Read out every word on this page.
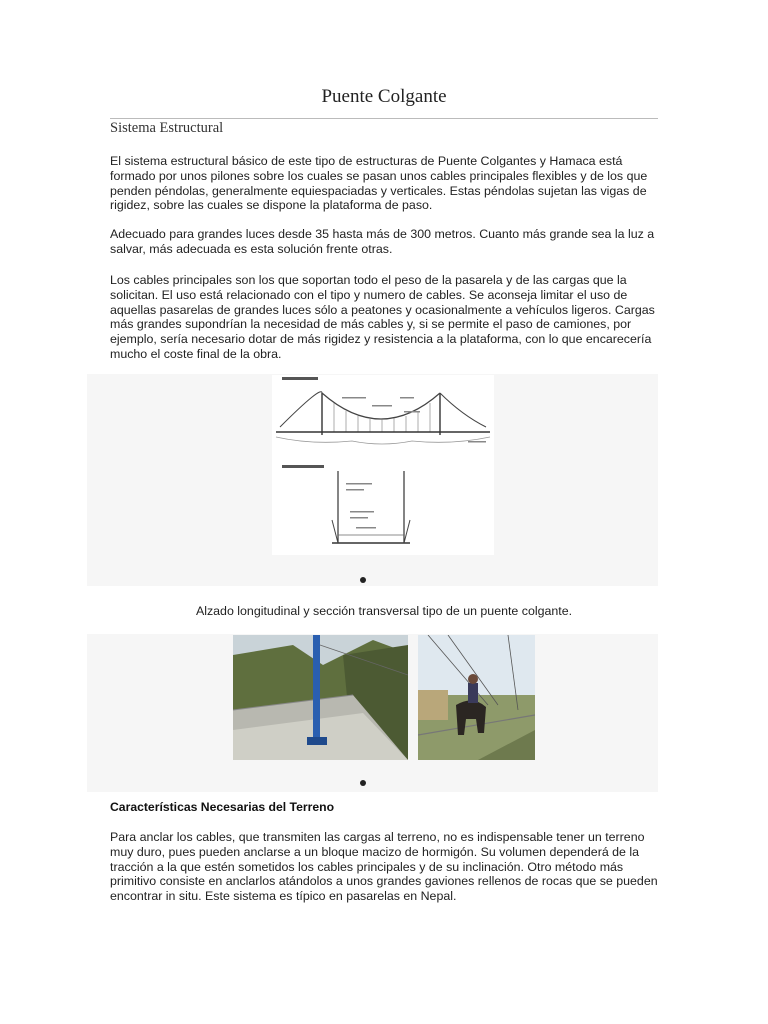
Puente Colgante
Sistema Estructural

El sistema estructural básico de este tipo de estructuras de Puente Colgantes y Hamaca está formado por unos pilones sobre los cuales se pasan unos cables principales flexibles y de los que penden péndolas, generalmente equiespaciadas y verticales. Estas péndolas sujetan las vigas de rigidez, sobre las cuales se dispone la plataforma de paso.

Adecuado para grandes luces desde 35 hasta más de 300 metros. Cuanto más grande sea la luz a salvar, más adecuada es esta solución frente otras.

Los cables principales son los que soportan todo el peso de la pasarela y de las cargas que la solicitan. El uso está relacionado con el tipo y numero de cables. Se aconseja limitar el uso de aquellas pasarelas de grandes luces sólo a peatones y ocasionalmente a vehículos ligeros. Cargas más grandes supondrían la necesidad de más cables y, si se permite el paso de camiones, por ejemplo, sería necesario dotar de más rigidez y resistencia a la plataforma, con lo que encarecería mucho el coste final de la obra.

Alzado longitudinal y sección transversal tipo de un puente colgante.
Características Necesarias del Terreno

Para anclar los cables, que transmiten las cargas al terreno, no es indispensable tener un terreno muy duro, pues pueden anclarse a un bloque macizo de hormigón. Su volumen dependerá de la tracción a la que estén sometidos los cables principales y de su inclinación. Otro método más primitivo consiste en anclarlos atándolos a unos grandes gaviones rellenos de rocas que se pueden encontrar in situ. Este sistema es típico en pasarelas en Nepal.
